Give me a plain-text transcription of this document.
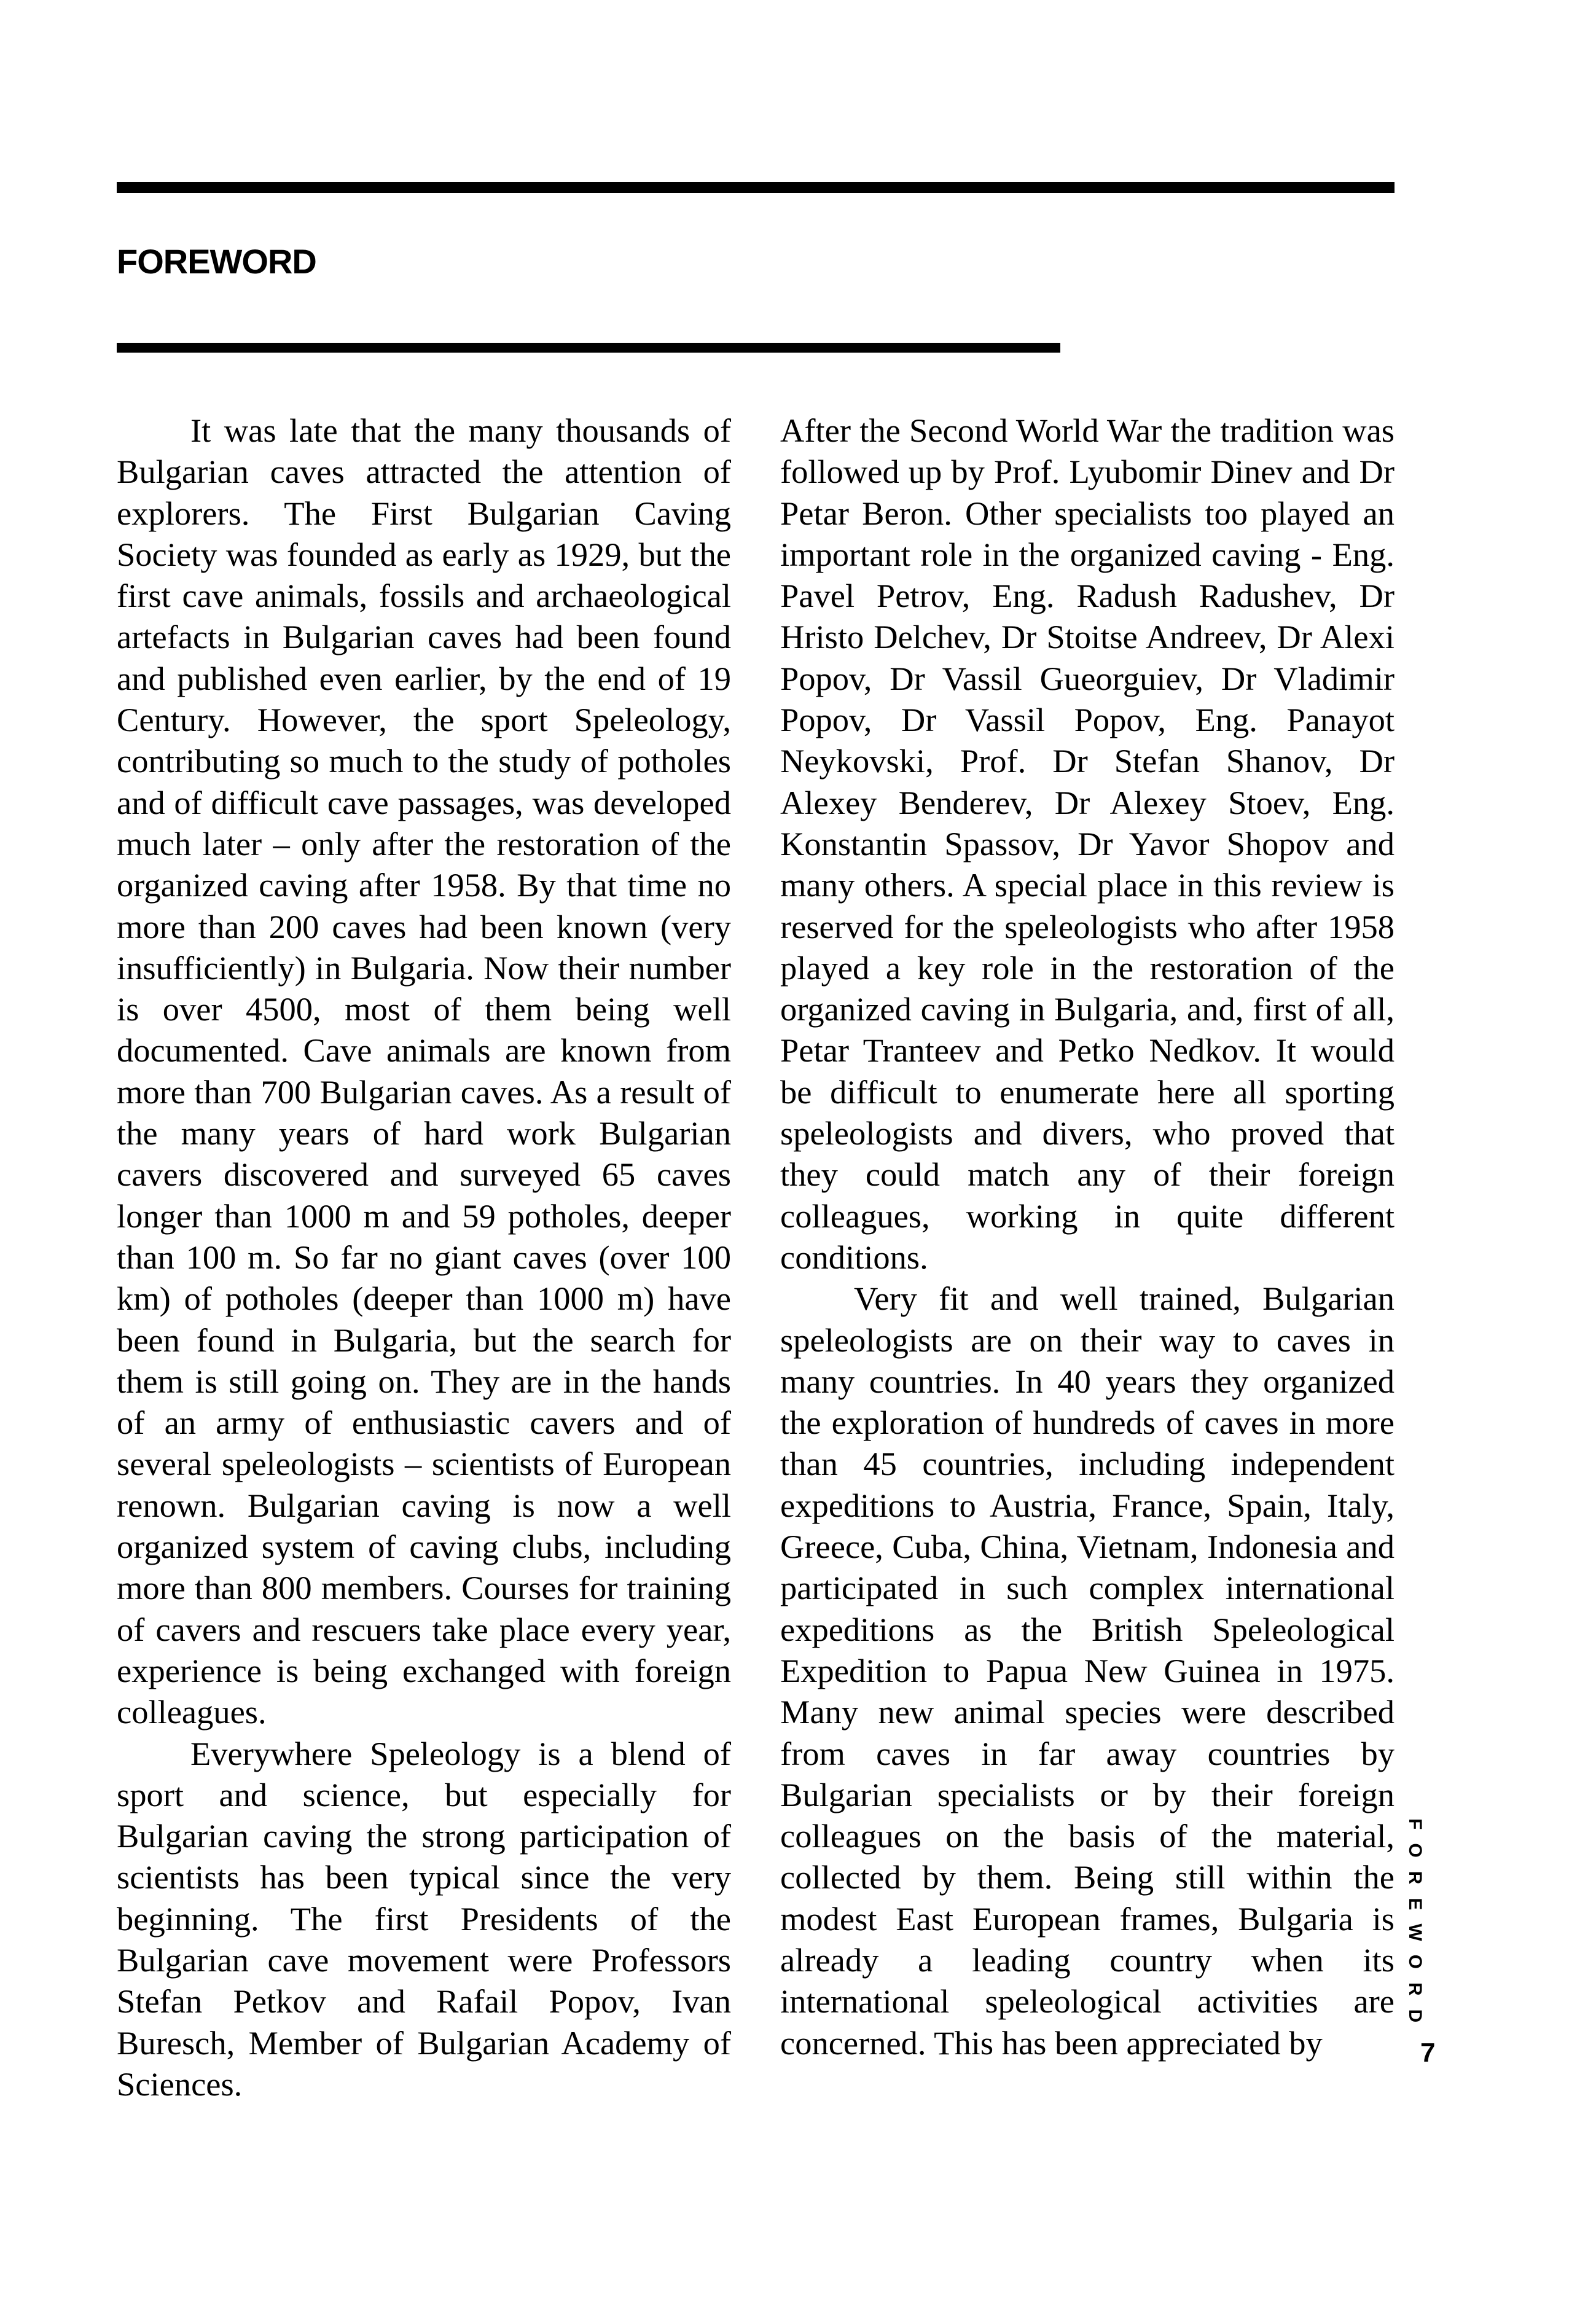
FOREWORD

It was late that the many thousands of Bulgarian caves attracted the attention of explorers. The First Bulgarian Caving Society was founded as early as 1929, but the first cave animals, fossils and archaeological artefacts in Bulgarian caves had been found and published even earlier, by the end of 19 Century. However, the sport Speleology, contributing so much to the study of potholes and of difficult cave passages, was developed much later – only after the restoration of the organized caving after 1958. By that time no more than 200 caves had been known (very insufficiently) in Bulgaria. Now their number is over 4500, most of them being well documented. Cave animals are known from more than 700 Bulgarian caves. As a result of the many years of hard work Bulgarian cavers discovered and surveyed 65 caves longer than 1000 m and 59 potholes, deeper than 100 m. So far no giant caves (over 100 km) of potholes (deeper than 1000 m) have been found in Bulgaria, but the search for them is still going on. They are in the hands of an army of enthusiastic cavers and of several speleologists – scientists of European renown. Bulgarian caving is now a well organized system of caving clubs, including more than 800 members. Courses for training of cavers and rescuers take place every year, experience is being exchanged with foreign colleagues.

Everywhere Speleology is a blend of sport and science, but especially for Bulgarian caving the strong participation of scientists has been typical since the very beginning. The first Presidents of the Bulgarian cave movement were Professors Stefan Petkov and Rafail Popov, Ivan Buresch, Member of Bulgarian Academy of Sciences.

After the Second World War the tradition was followed up by Prof. Lyubomir Dinev and Dr Petar Beron. Other specialists too played an important role in the organized caving - Eng. Pavel Petrov, Eng. Radush Radushev, Dr Hristo Delchev, Dr Stoitse Andreev, Dr Alexi Popov, Dr Vassil Gueorguiev, Dr Vladimir Popov, Dr Vassil Popov, Eng. Panayot Neykovski, Prof. Dr Stefan Shanov, Dr Alexey Benderev, Dr Alexey Stoev, Eng. Konstantin Spassov, Dr Yavor Shopov and many others. A special place in this review is reserved for the speleologists who after 1958 played a key role in the restoration of the organized caving in Bulgaria, and, first of all, Petar Tranteev and Petko Nedkov. It would be difficult to enumerate here all sporting speleologists and divers, who proved that they could match any of their foreign colleagues, working in quite different conditions.

Very fit and well trained, Bulgarian speleologists are on their way to caves in many countries. In 40 years they organized the exploration of hundreds of caves in more than 45 countries, including independent expeditions to Austria, France, Spain, Italy, Greece, Cuba, China, Vietnam, Indonesia and participated in such complex international expeditions as the British Speleological Expedition to Papua New Guinea in 1975. Many new animal species were described from caves in far away countries by Bulgarian specialists or by their foreign colleagues on the basis of the material, collected by them. Being still within the modest East European frames, Bulgaria is already a leading country when its international speleological activities are concerned. This has been appreciated by

FOREWORD
7
